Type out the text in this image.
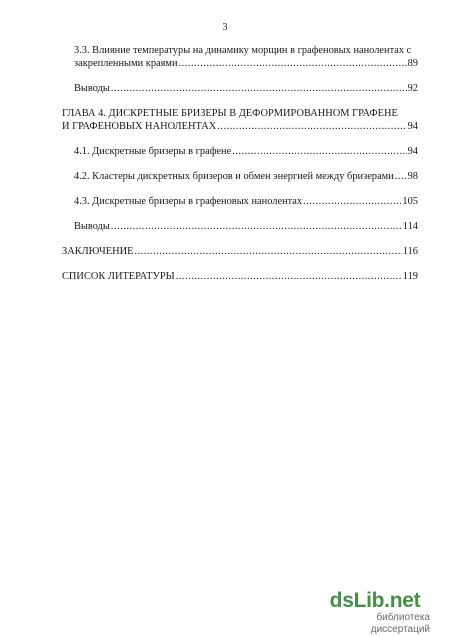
3
3.3. Влияние температуры на динамику морщин в графеновых нанолентах с
закрепленными краями .....	89
Выводы .....	92
ГЛАВА 4. ДИСКРЕТНЫЕ БРИЗЕРЫ В ДЕФОРМИРОВАННОМ ГРАФЕНЕ
И ГРАФЕНОВЫХ НАНОЛЕНТАХ .....	94
4.1. Дискретные бризеры в графене .....	94
4.2. Кластеры дискретных бризеров и обмен энергией между бризерами ..... 98
4.3. Дискретные бризеры в графеновых нанолентах .....	105
Выводы .....	114
ЗАКЛЮЧЕНИЕ .....	116
СПИСОК ЛИТЕРАТУРЫ .....	119
dsLib.net
библиотека диссертаций
